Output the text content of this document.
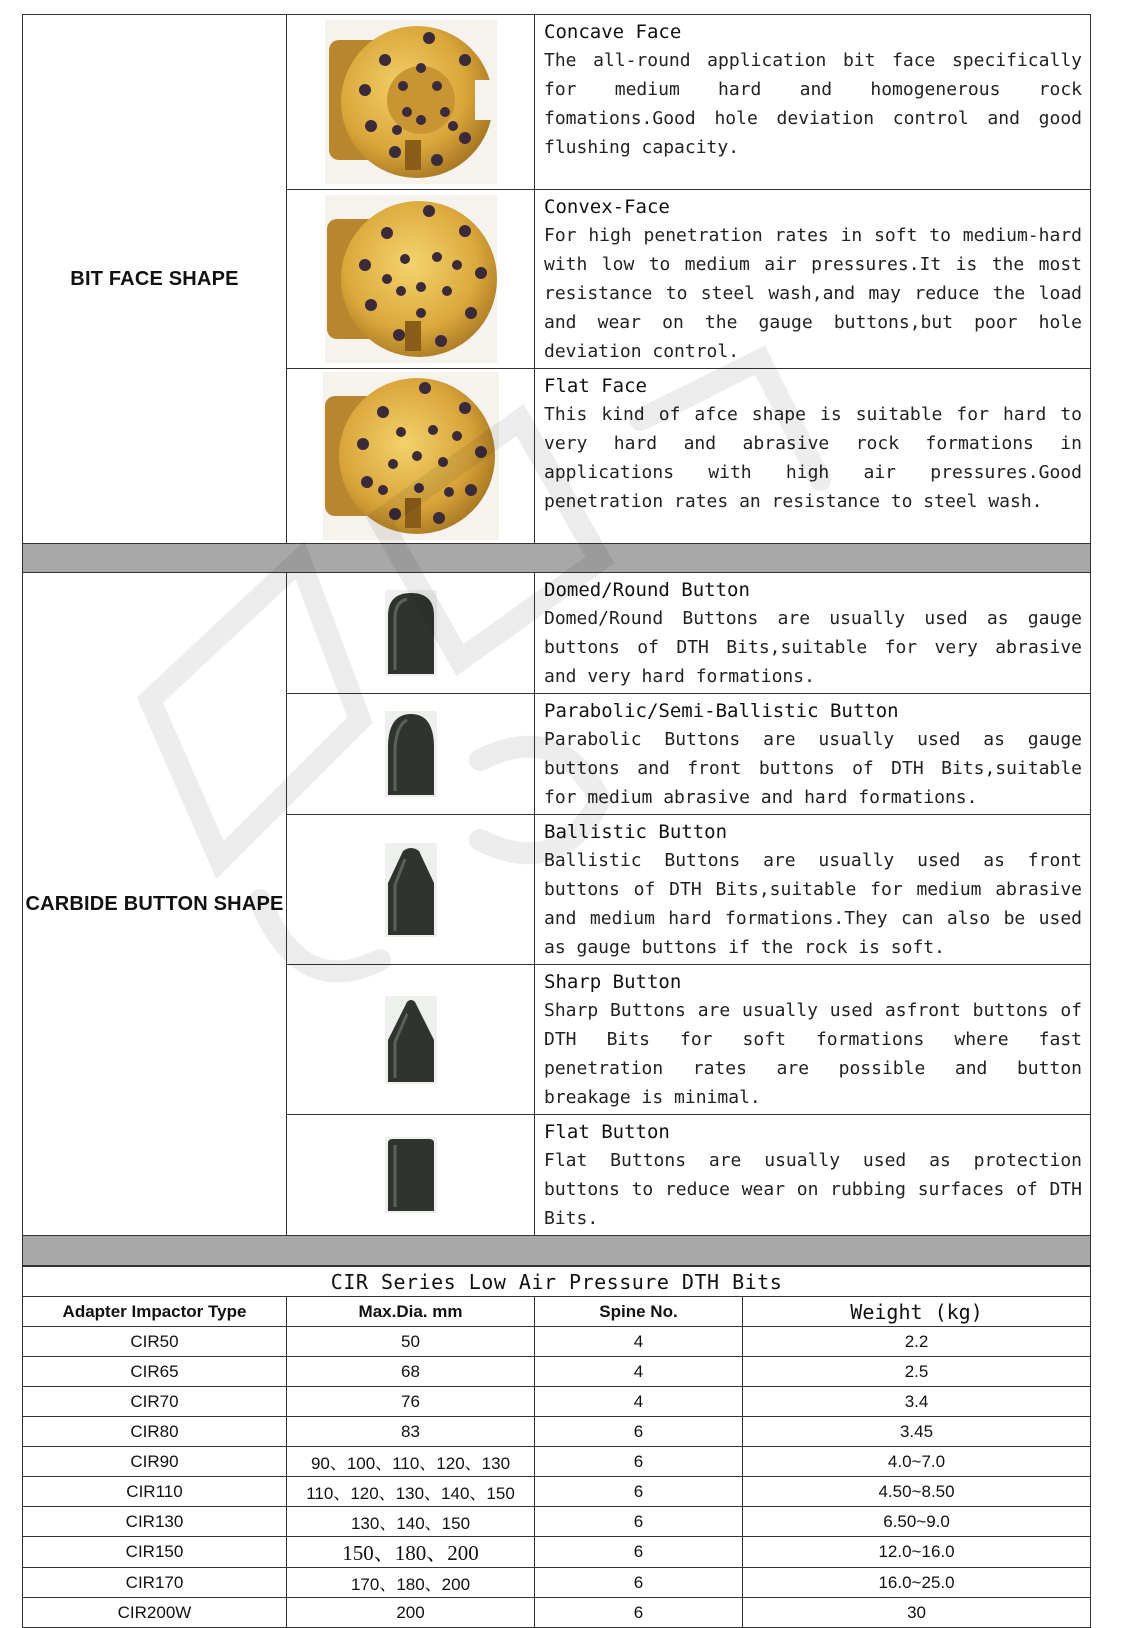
BIT FACE SHAPE		Concave Face
The all-round application bit face specifically for medium hard and homogenerous rock fomations.Good hole deviation control and good flushing capacity.

Convex-Face
For high penetration rates in soft to medium-hard with low to medium air pressures.It is the most resistance to steel wash,and may reduce the load and wear on the gauge buttons,but poor hole deviation control.

Flat Face
This kind of afce shape is suitable for hard to very hard and abrasive rock formations in applications with high air pressures.Good penetration rates an resistance to steel wash.

CARBIDE BUTTON SHAPE		Domed/Round Button
Domed/Round Buttons are usually used as gauge buttons of DTH Bits,suitable for very abrasive and very hard formations.

Parabolic/Semi-Ballistic Button
Parabolic Buttons are usually used as gauge buttons and front buttons of DTH Bits,suitable for medium abrasive and hard formations.

Ballistic Button
Ballistic Buttons are usually used as front buttons of DTH Bits,suitable for medium abrasive and medium hard formations.They can also be used as gauge buttons if the rock is soft.

Sharp Button
Sharp Buttons are usually used asfront buttons of DTH Bits for soft formations where fast penetration rates are possible and button breakage is minimal.

Flat Button
Flat Buttons are usually used as protection buttons to reduce wear on rubbing surfaces of DTH Bits.

CIR Series Low Air Pressure DTH Bits			
Adapter Impactor Type	Max.Dia. mm	Spine No.	Weight (kg)
CIR50	50	4	2.2
CIR65	68	4	2.5
CIR70	76	4	3.4
CIR80	83	6	3.45
CIR90	90、100、110、120、130	6	4.0~7.0
CIR110	110、120、130、140、150	6	4.50~8.50
CIR130	130、140、150	6	6.50~9.0
CIR150	150、180、200	6	12.0~16.0
CIR170	170、180、200	6	16.0~25.0
CIR200W	200	6	30
